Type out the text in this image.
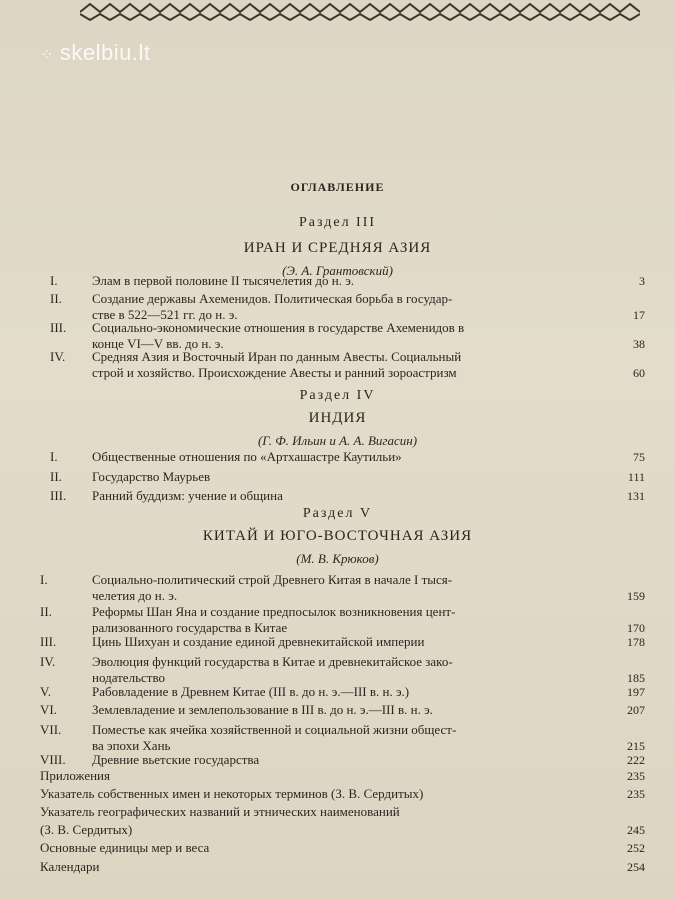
⁘ skelbiu.lt
ОГЛАВЛЕНИЕ
Раздел III
ИРАН И СРЕДНЯЯ АЗИЯ
(Э. А. Грантовский)
I.	Элам в первой половине II тысячелетия до н. э.	3
II.	Создание державы Ахеменидов. Политическая борьба в государ-
стве в 522—521 гг. до н. э.	17
III.	Социально-экономические отношения в государстве Ахеменидов в
конце VI—V вв. до н. э.	38
IV.	Средняя Азия и Восточный Иран по данным Авесты. Социальный
строй и хозяйство. Происхождение Авесты и ранний зороастризм	60
Раздел IV
ИНДИЯ
(Г. Ф. Ильин и А. А. Вигасин)
I.	Общественные отношения по «Артхашастре Каутильи»	75
II.	Государство Маурьев	111
III.	Ранний буддизм: учение и община	131
Раздел V
КИТАЙ И ЮГО-ВОСТОЧНАЯ АЗИЯ
(М. В. Крюков)
I.	Социально-политический строй Древнего Китая в начале I тыся-
челетия до н. э.	159
II.	Реформы Шан Яна и создание предпосылок возникновения цент-
рализованного государства в Китае	170
III.	Цинь Шихуан и создание единой древнекитайской империи	178
IV.	Эволюция функций государства в Китае и древнекитайское зако-
нодательство	185
V.	Рабовладение в Древнем Китае (III в. до н. э.—III в. н. э.)	197
VI.	Землевладение и землепользование в III в. до н. э.—III в. н. э.	207
VII.	Поместье как ячейка хозяйственной и социальной жизни общест-
ва эпохи Хань	215
VIII.	Древние вьетские государства	222
Приложения	235
Указатель собственных имен и некоторых терминов (З. В. Сердитых)	235
Указатель географических названий и этнических наименований
(З. В. Сердитых)	245
Основные единицы мер и веса	252
Календари	254
